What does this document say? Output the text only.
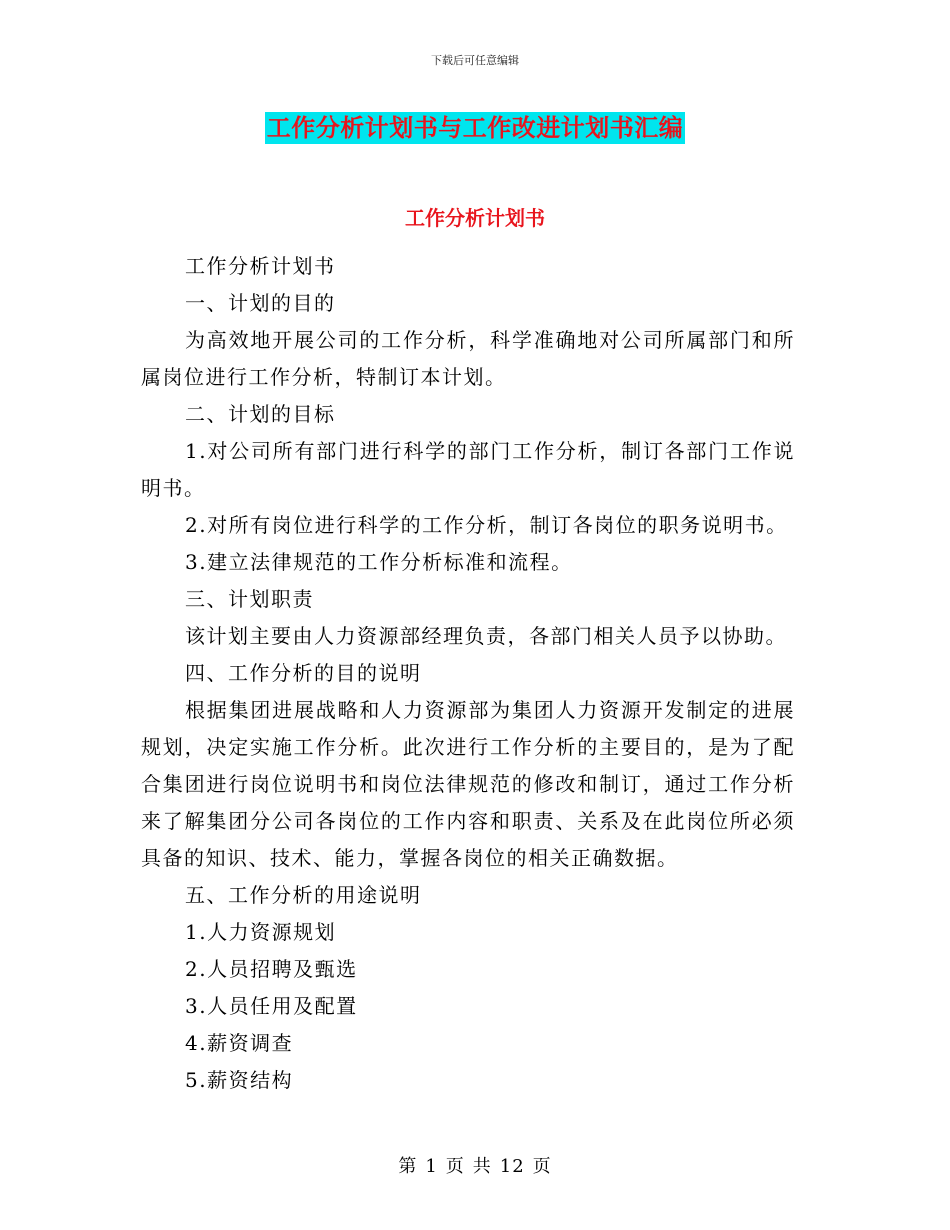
下载后可任意编辑
工作分析计划书与工作改进计划书汇编
工作分析计划书

工作分析计划书

一、计划的目的

为高效地开展公司的工作分析，科学准确地对公司所属部门和所属岗位进行工作分析，特制订本计划。

二、计划的目标

1.对公司所有部门进行科学的部门工作分析，制订各部门工作说明书。

2.对所有岗位进行科学的工作分析，制订各岗位的职务说明书。

3.建立法律规范的工作分析标准和流程。

三、计划职责

该计划主要由人力资源部经理负责，各部门相关人员予以协助。

四、工作分析的目的说明

根据集团进展战略和人力资源部为集团人力资源开发制定的进展规划，决定实施工作分析。此次进行工作分析的主要目的，是为了配合集团进行岗位说明书和岗位法律规范的修改和制订，通过工作分析来了解集团分公司各岗位的工作内容和职责、关系及在此岗位所必须具备的知识、技术、能力，掌握各岗位的相关正确数据。

五、工作分析的用途说明

1.人力资源规划

2.人员招聘及甄选

3.人员任用及配置

4.薪资调查

5.薪资结构

第 1 页 共 12 页
